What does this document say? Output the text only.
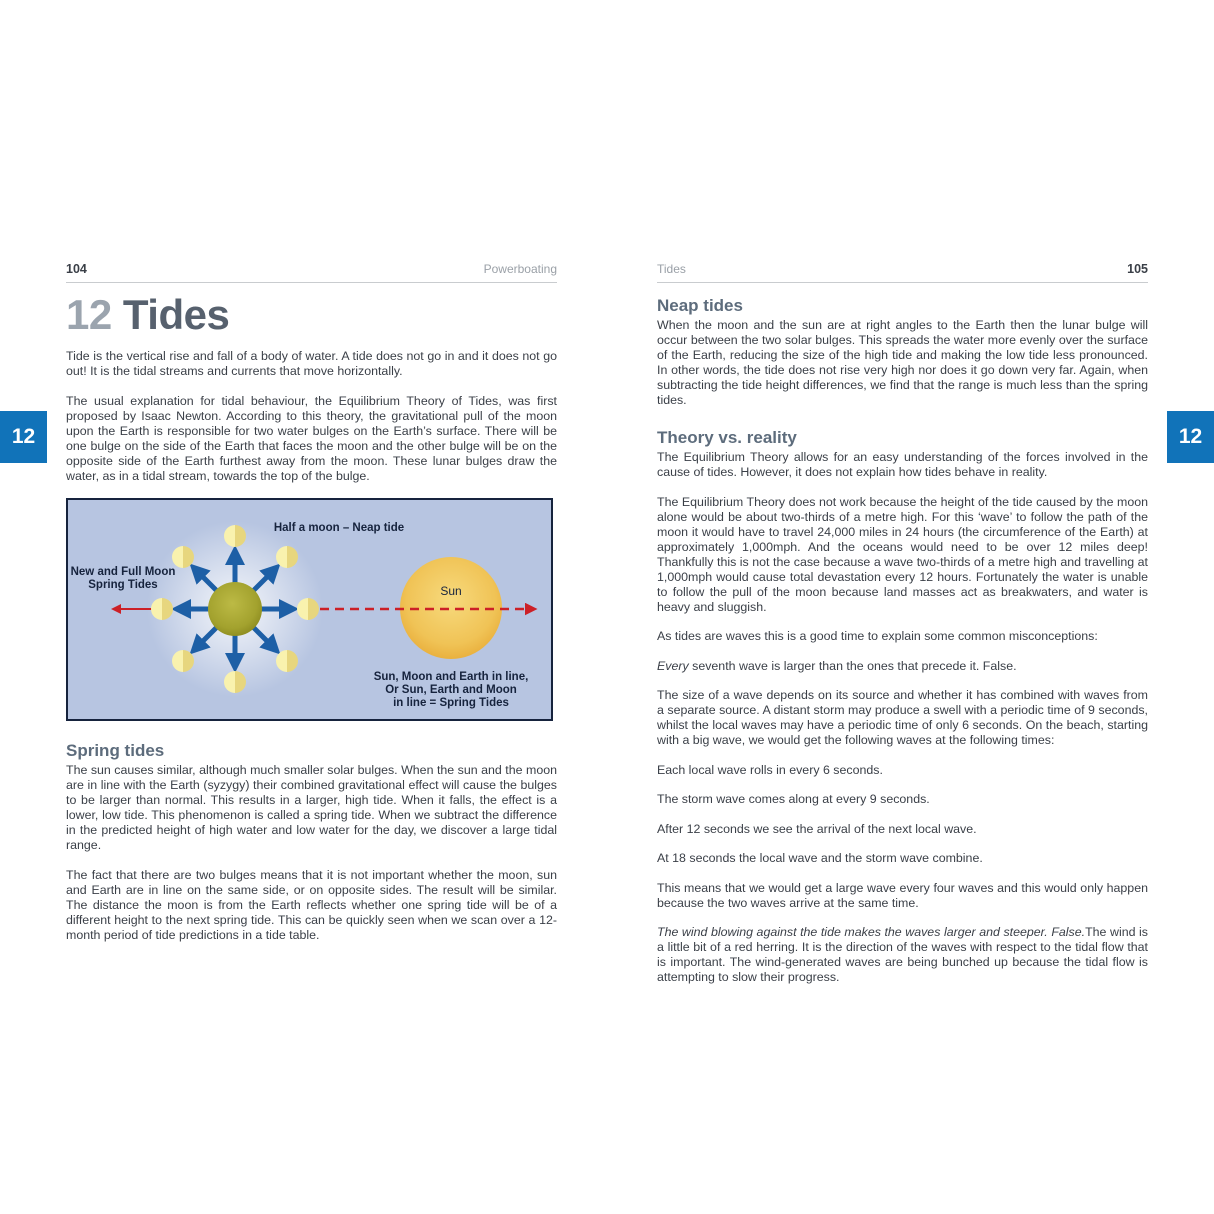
12	12
104	Powerboating
12 Tides

Tide is the vertical rise and fall of a body of water. A tide does not go in and it does not go out! It is the tidal streams and currents that move horizontally.

The usual explanation for tidal behaviour, the Equilibrium Theory of Tides, was first proposed by Isaac Newton. According to this theory, the gravitational pull of the moon upon the Earth is responsible for two water bulges on the Earth’s surface. There will be one bulge on the side of the Earth that faces the moon and the other bulge will be on the opposite side of the Earth furthest away from the moon. These lunar bulges draw the water, as in a tidal stream, towards the top of the bulge.

Half a moon – Neap tide
New and Full Moon
Spring Tides	Sun
Sun, Moon and Earth in line,
Or Sun, Earth and Moon
in line = Spring Tides
Spring tides

The sun causes similar, although much smaller solar bulges. When the sun and the moon are in line with the Earth (syzygy) their combined gravitational effect will cause the bulges to be larger than normal. This results in a larger, high tide. When it falls, the effect is a lower, low tide. This phenomenon is called a spring tide. When we subtract the difference in the predicted height of high water and low water for the day, we discover a large tidal range.

The fact that there are two bulges means that it is not important whether the moon, sun and Earth are in line on the same side, or on opposite sides. The result will be similar. The distance the moon is from the Earth reflects whether one spring tide will be of a different height to the next spring tide. This can be quickly seen when we scan over a 12-month period of tide predictions in a tide table.

Tides	105
Neap tides

When the moon and the sun are at right angles to the Earth then the lunar bulge will occur between the two solar bulges. This spreads the water more evenly over the surface of the Earth, reducing the size of the high tide and making the low tide less pronounced. In other words, the tide does not rise very high nor does it go down very far. Again, when subtracting the tide height differences, we find that the range is much less than the spring tides.

Theory vs. reality

The Equilibrium Theory allows for an easy understanding of the forces involved in the cause of tides. However, it does not explain how tides behave in reality.

The Equilibrium Theory does not work because the height of the tide caused by the moon alone would be about two-thirds of a metre high. For this ‘wave’ to follow the path of the moon it would have to travel 24,000 miles in 24 hours (the circumference of the Earth) at approximately 1,000mph. And the oceans would need to be over 12 miles deep! Thankfully this is not the case because a wave two-thirds of a metre high and travelling at 1,000mph would cause total devastation every 12 hours. Fortunately the water is unable to follow the pull of the moon because land masses act as breakwaters, and water is heavy and sluggish.

As tides are waves this is a good time to explain some common misconceptions:

Every seventh wave is larger than the ones that precede it. False.

The size of a wave depends on its source and whether it has combined with waves from a separate source. A distant storm may produce a swell with a periodic time of 9 seconds, whilst the local waves may have a periodic time of only 6 seconds. On the beach, starting with a big wave, we would get the following waves at the following times:

Each local wave rolls in every 6 seconds.

The storm wave comes along at every 9 seconds.

After 12 seconds we see the arrival of the next local wave.

At 18 seconds the local wave and the storm wave combine.

This means that we would get a large wave every four waves and this would only happen because the two waves arrive at the same time.

The wind blowing against the tide makes the waves larger and steeper. False.The wind is a little bit of a red herring. It is the direction of the waves with respect to the tidal flow that is important. The wind-generated waves are being bunched up because the tidal flow is attempting to slow their progress.
